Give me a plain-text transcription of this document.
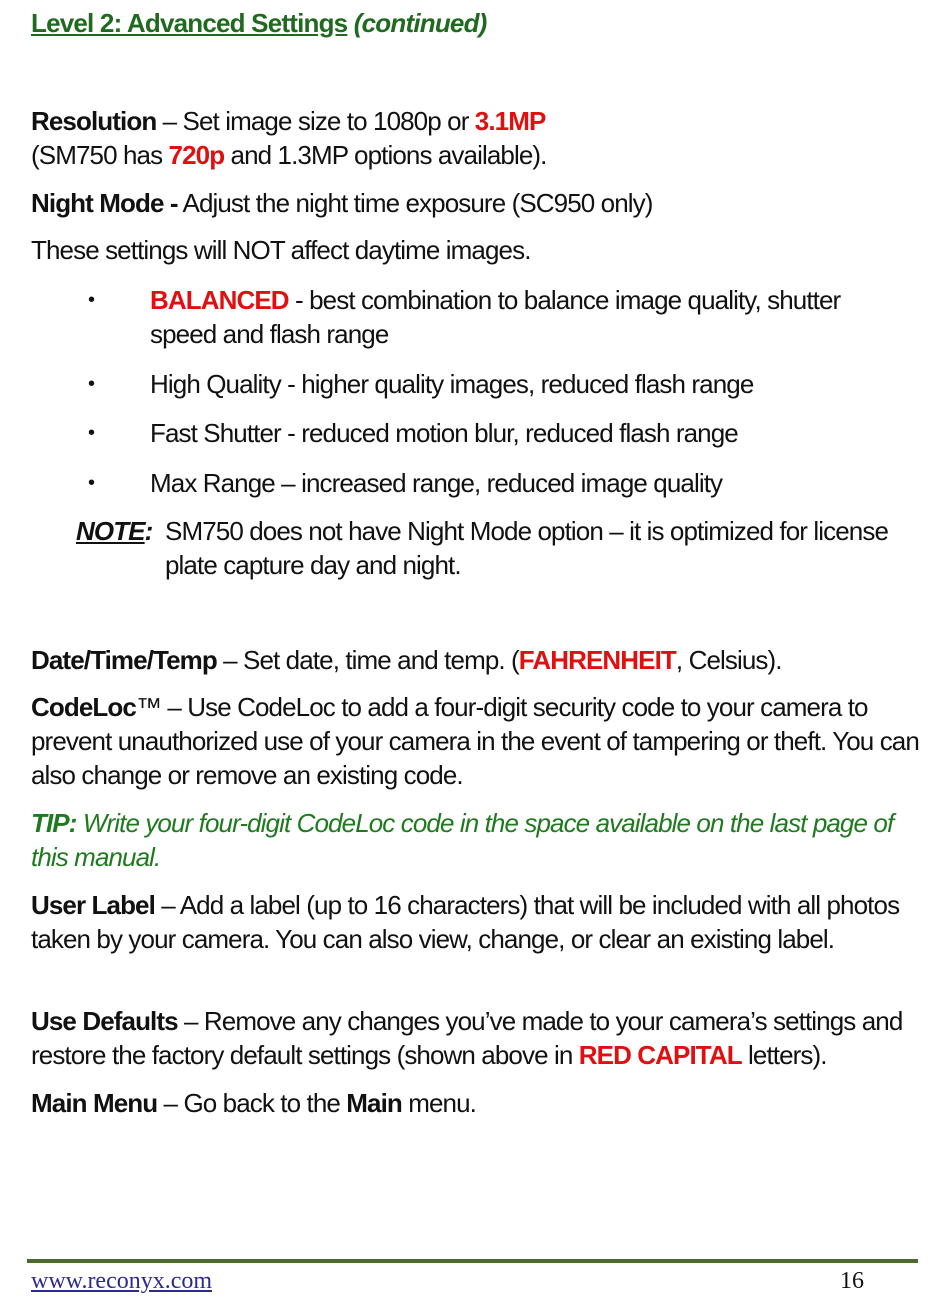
Level 2: Advanced Settings (continued)
Resolution – Set image size to 1080p or 3.1MP
(SM750 has 720p and 1.3MP options available).
Night Mode - Adjust the night time exposure (SC950 only)
These settings will NOT affect daytime images.
• BALANCED - best combination to balance image quality, shutter speed and flash range
• High Quality - higher quality images, reduced flash range
• Fast Shutter - reduced motion blur, reduced flash range
• Max Range – increased range, reduced image quality
NOTE: SM750 does not have Night Mode option – it is optimized for license plate capture day and night.
Date/Time/Temp – Set date, time and temp. (FAHRENHEIT, Celsius).
CodeLoc™ – Use CodeLoc to add a four-digit security code to your camera to prevent unauthorized use of your camera in the event of tampering or theft. You can also change or remove an existing code.
TIP: Write your four-digit CodeLoc code in the space available on the last page of this manual.
User Label – Add a label (up to 16 characters) that will be included with all photos taken by your camera. You can also view, change, or clear an existing label.
Use Defaults – Remove any changes you’ve made to your camera’s settings and restore the factory default settings (shown above in RED CAPITAL letters).
Main Menu – Go back to the Main menu.
www.reconyx.com	16
